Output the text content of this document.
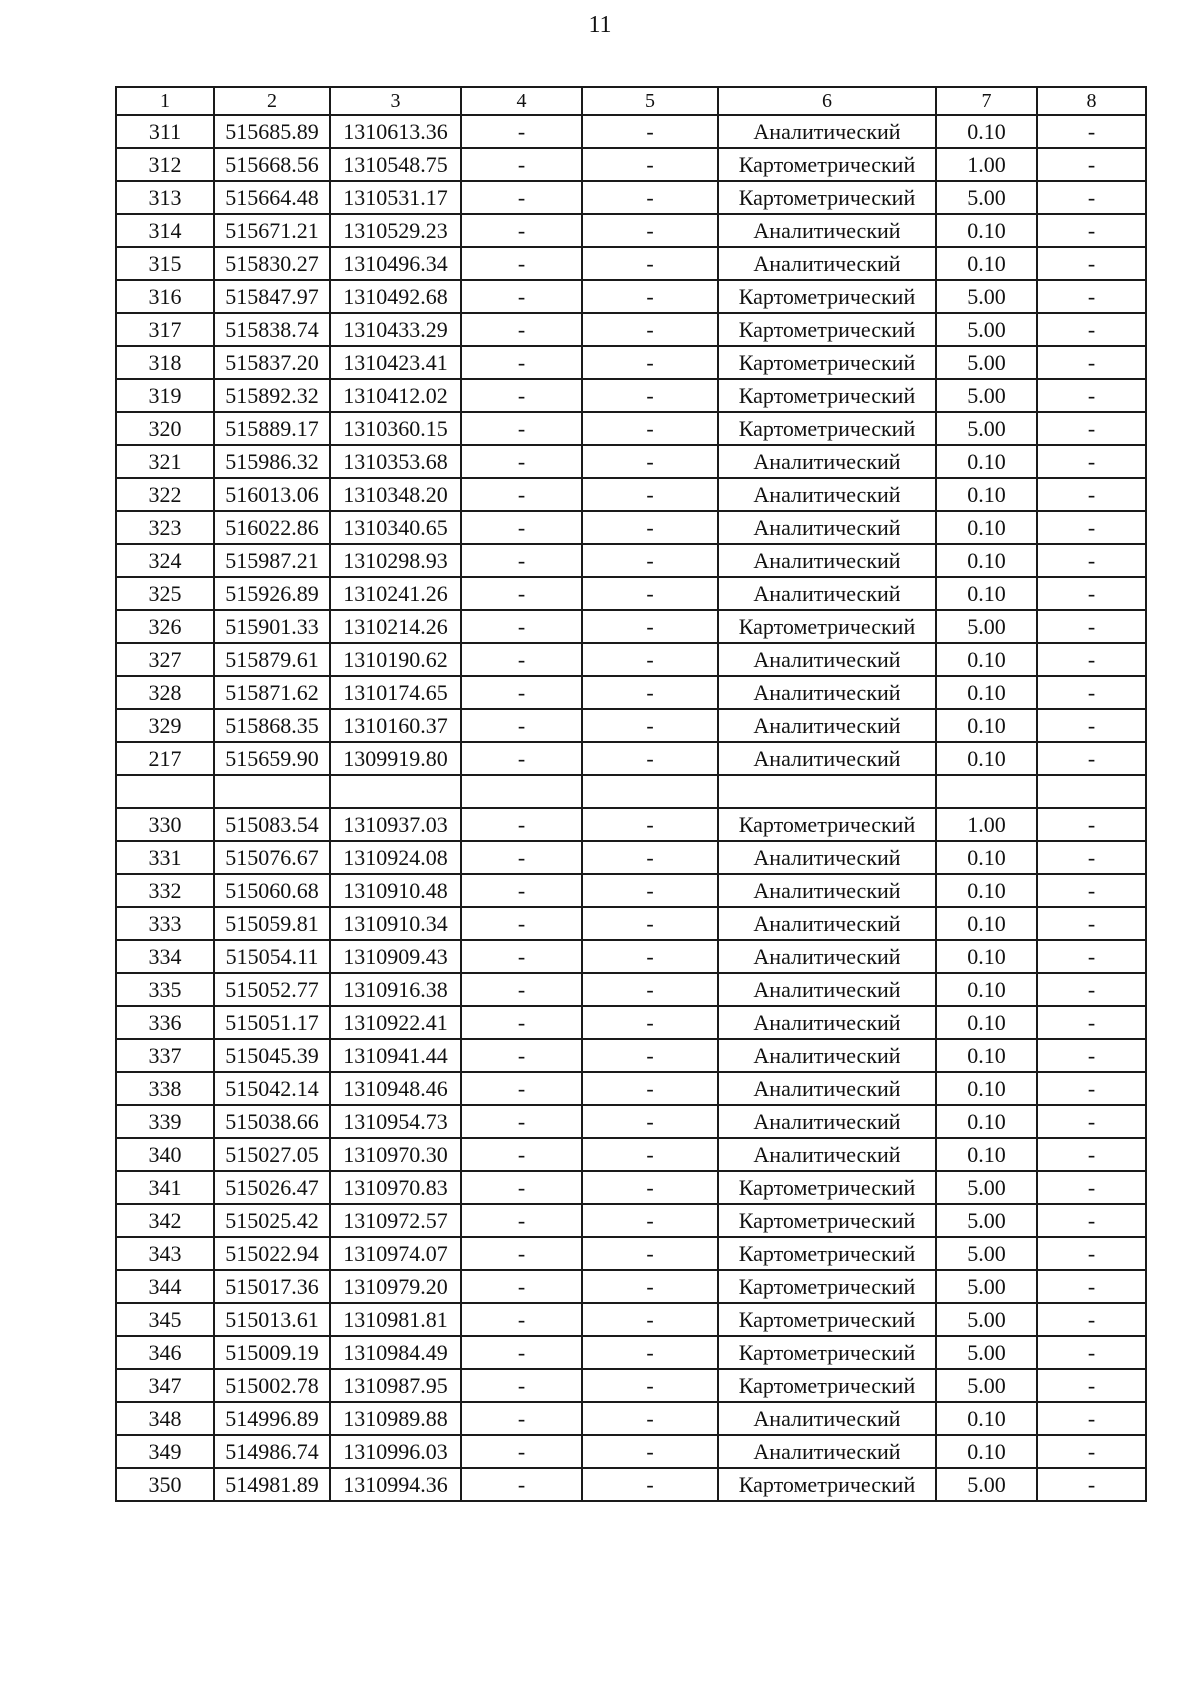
11
1	2	3	4	5	6	7	8
311	515685.89	1310613.36	-	-	Аналитический	0.10	-
312	515668.56	1310548.75	-	-	Картометрический	1.00	-
313	515664.48	1310531.17	-	-	Картометрический	5.00	-
314	515671.21	1310529.23	-	-	Аналитический	0.10	-
315	515830.27	1310496.34	-	-	Аналитический	0.10	-
316	515847.97	1310492.68	-	-	Картометрический	5.00	-
317	515838.74	1310433.29	-	-	Картометрический	5.00	-
318	515837.20	1310423.41	-	-	Картометрический	5.00	-
319	515892.32	1310412.02	-	-	Картометрический	5.00	-
320	515889.17	1310360.15	-	-	Картометрический	5.00	-
321	515986.32	1310353.68	-	-	Аналитический	0.10	-
322	516013.06	1310348.20	-	-	Аналитический	0.10	-
323	516022.86	1310340.65	-	-	Аналитический	0.10	-
324	515987.21	1310298.93	-	-	Аналитический	0.10	-
325	515926.89	1310241.26	-	-	Аналитический	0.10	-
326	515901.33	1310214.26	-	-	Картометрический	5.00	-
327	515879.61	1310190.62	-	-	Аналитический	0.10	-
328	515871.62	1310174.65	-	-	Аналитический	0.10	-
329	515868.35	1310160.37	-	-	Аналитический	0.10	-
217	515659.90	1309919.80	-	-	Аналитический	0.10	-

330	515083.54	1310937.03	-	-	Картометрический	1.00	-
331	515076.67	1310924.08	-	-	Аналитический	0.10	-
332	515060.68	1310910.48	-	-	Аналитический	0.10	-
333	515059.81	1310910.34	-	-	Аналитический	0.10	-
334	515054.11	1310909.43	-	-	Аналитический	0.10	-
335	515052.77	1310916.38	-	-	Аналитический	0.10	-
336	515051.17	1310922.41	-	-	Аналитический	0.10	-
337	515045.39	1310941.44	-	-	Аналитический	0.10	-
338	515042.14	1310948.46	-	-	Аналитический	0.10	-
339	515038.66	1310954.73	-	-	Аналитический	0.10	-
340	515027.05	1310970.30	-	-	Аналитический	0.10	-
341	515026.47	1310970.83	-	-	Картометрический	5.00	-
342	515025.42	1310972.57	-	-	Картометрический	5.00	-
343	515022.94	1310974.07	-	-	Картометрический	5.00	-
344	515017.36	1310979.20	-	-	Картометрический	5.00	-
345	515013.61	1310981.81	-	-	Картометрический	5.00	-
346	515009.19	1310984.49	-	-	Картометрический	5.00	-
347	515002.78	1310987.95	-	-	Картометрический	5.00	-
348	514996.89	1310989.88	-	-	Аналитический	0.10	-
349	514986.74	1310996.03	-	-	Аналитический	0.10	-
350	514981.89	1310994.36	-	-	Картометрический	5.00	-
